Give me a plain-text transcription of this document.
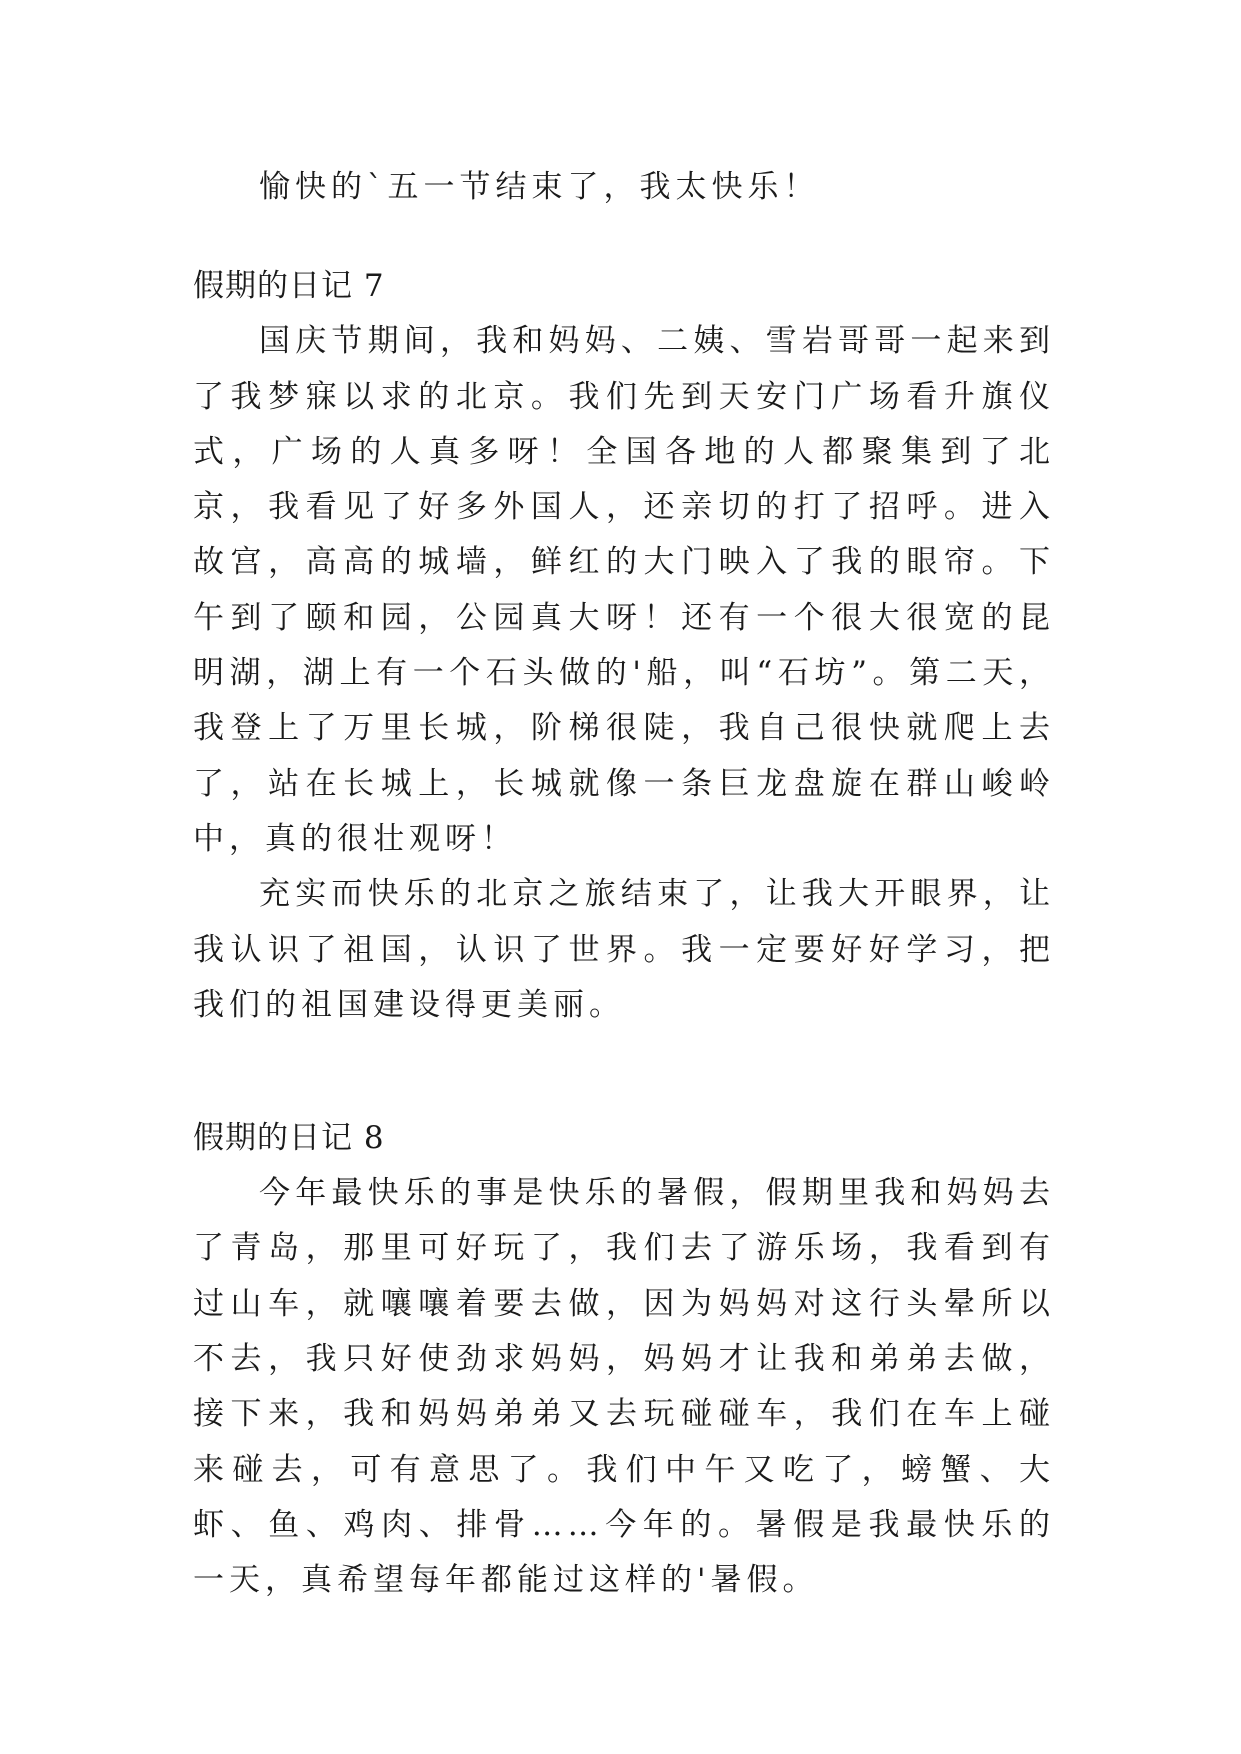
愉快的`五一节结束了，我太快乐！

假期的日记 7

国庆节期间，我和妈妈、二姨、雪岩哥哥一起来到了我梦寐以求的北京。我们先到天安门广场看升旗仪式，广场的人真多呀！全国各地的人都聚集到了北京，我看见了好多外国人，还亲切的打了招呼。进入故宫，高高的城墙，鲜红的大门映入了我的眼帘。下午到了颐和园，公园真大呀！还有一个很大很宽的昆明湖，湖上有一个石头做的'船，叫“石坊”。第二天，我登上了万里长城，阶梯很陡，我自己很快就爬上去了，站在长城上，长城就像一条巨龙盘旋在群山峻岭中，真的很壮观呀！

充实而快乐的北京之旅结束了，让我大开眼界，让我认识了祖国，认识了世界。我一定要好好学习，把我们的祖国建设得更美丽。

假期的日记 8

今年最快乐的事是快乐的暑假，假期里我和妈妈去了青岛，那里可好玩了，我们去了游乐场，我看到有过山车，就嚷嚷着要去做，因为妈妈对这行头晕所以不去，我只好使劲求妈妈，妈妈才让我和弟弟去做，接下来，我和妈妈弟弟又去玩碰碰车，我们在车上碰来碰去，可有意思了。我们中午又吃了，螃蟹、大虾、鱼、鸡肉、排骨……今年的。暑假是我最快乐的一天，真希望每年都能过这样的'暑假。
